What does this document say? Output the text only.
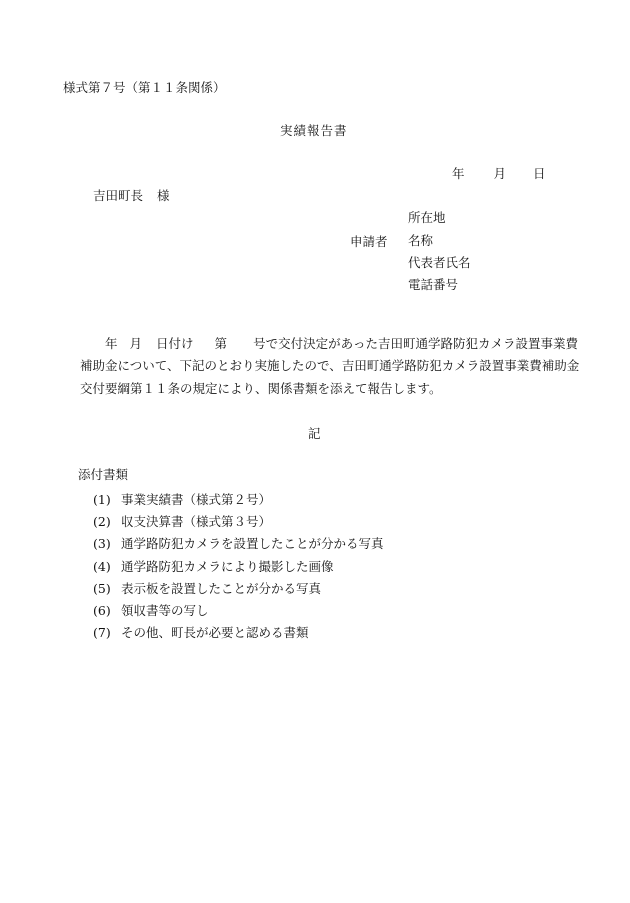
様式第７号（第１１条関係）
実績報告書
年 月 日
吉田町長 様
申請者
所在地
名称
代表者氏名
電話番号

年 月 日付け 第 号で交付決定があった吉田町通学路防犯カメラ設置事業費補助金について、下記のとおり実施したので、吉田町通学路防犯カメラ設置事業費補助金交付要綱第１１条の規定により、関係書類を添えて報告します。

記
添付書類
(1) 事業実績書（様式第２号）
(2) 収支決算書（様式第３号）
(3) 通学路防犯カメラを設置したことが分かる写真
(4) 通学路防犯カメラにより撮影した画像
(5) 表示板を設置したことが分かる写真
(6) 領収書等の写し
(7) その他、町長が必要と認める書類
